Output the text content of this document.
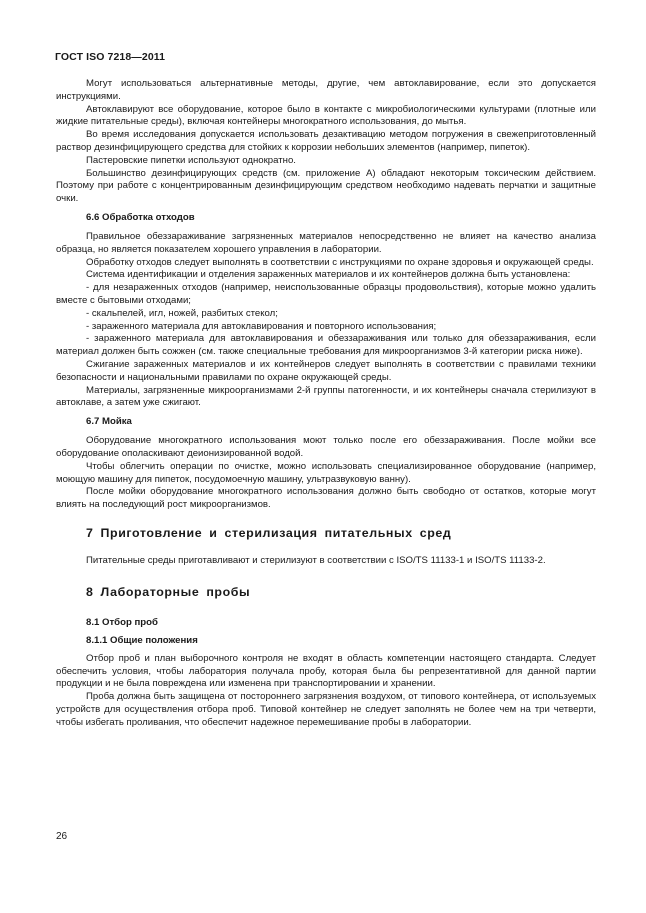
ГОСТ ISO 7218—2011

Могут использоваться альтернативные методы, другие, чем автоклавирование, если это допускается инструкциями.

Автоклавируют все оборудование, которое было в контакте с микробиологическими культурами (плотные или жидкие питательные среды), включая контейнеры многократного использования, до мытья.

Во время исследования допускается использовать дезактивацию методом погружения в свежеприготовленный раствор дезинфицирующего средства для стойких к коррозии небольших элементов (например, пипеток).

Пастеровские пипетки используют однократно.

Большинство дезинфицирующих средств (см. приложение А) обладают некоторым токсическим действием. Поэтому при работе с концентрированным дезинфицирующим средством необходимо надевать перчатки и защитные очки.

6.6 Обработка отходов

Правильное обеззараживание загрязненных материалов непосредственно не влияет на качество анализа образца, но является показателем хорошего управления в лаборатории.

Обработку отходов следует выполнять в соответствии с инструкциями по охране здоровья и окружающей среды.

Система идентификации и отделения зараженных материалов и их контейнеров должна быть установлена:

- для незараженных отходов (например, неиспользованные образцы продовольствия), которые можно удалить вместе с бытовыми отходами;

- скальпелей, игл, ножей, разбитых стекол;

- зараженного материала для автоклавирования и повторного использования;

- зараженного материала для автоклавирования и обеззараживания или только для обеззараживания, если материал должен быть сожжен (см. также специальные требования для микроорганизмов 3-й категории риска ниже).

Сжигание зараженных материалов и их контейнеров следует выполнять в соответствии с правилами техники безопасности и национальными правилами по охране окружающей среды.

Материалы, загрязненные микроорганизмами 2-й группы патогенности, и их контейнеры сначала стерилизуют в автоклаве, а затем уже сжигают.

6.7 Мойка

Оборудование многократного использования моют только после его обеззараживания. После мойки все оборудование ополаскивают деионизированной водой.

Чтобы облегчить операции по очистке, можно использовать специализированное оборудование (например, моющую машину для пипеток, посудомоечную машину, ультразвуковую ванну).

После мойки оборудование многократного использования должно быть свободно от остатков, которые могут влиять на последующий рост микроорганизмов.

7 Приготовление и стерилизация питательных сред

Питательные среды приготавливают и стерилизуют в соответствии с ISO/TS 11133-1 и ISO/TS 11133-2.

8 Лабораторные пробы
8.1 Отбор проб
8.1.1 Общие положения

Отбор проб и план выборочного контроля не входят в область компетенции настоящего стандарта. Следует обеспечить условия, чтобы лаборатория получала пробу, которая была бы репрезентативной для данной партии продукции и не была повреждена или изменена при транспортировании и хранении.

Проба должна быть защищена от постороннего загрязнения воздухом, от типового контейнера, от используемых устройств для осуществления отбора проб. Типовой контейнер не следует заполнять не более чем на три четверти, чтобы избегать проливания, что обеспечит надежное перемешивание пробы в лаборатории.

26
